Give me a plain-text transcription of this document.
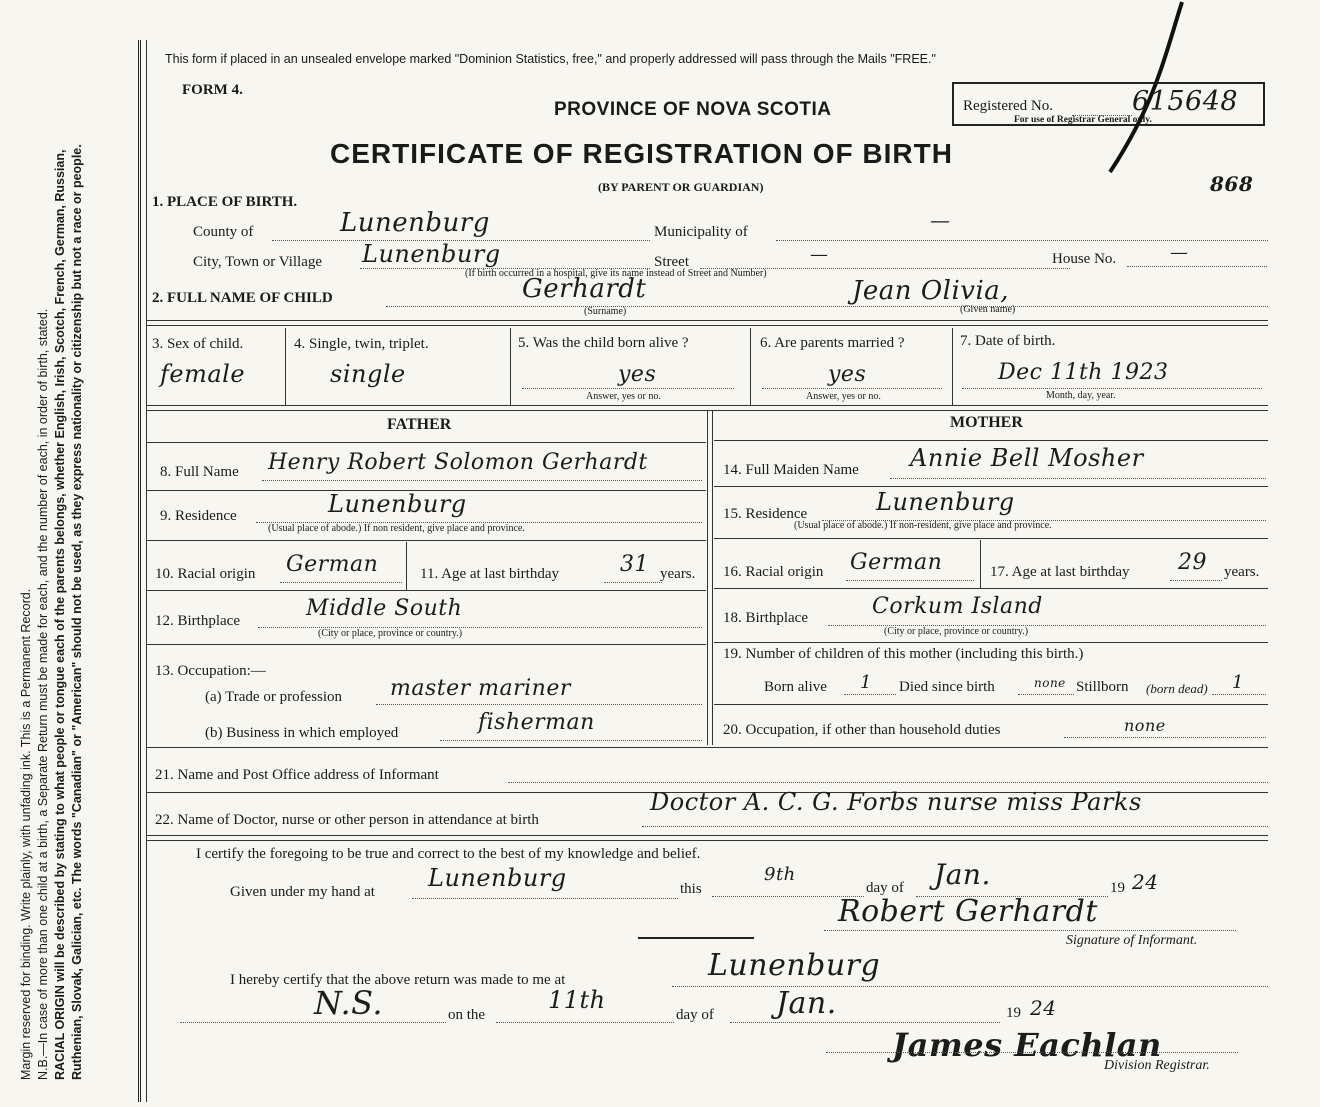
Margin reserved for binding. Write plainly, with unfading ink. This is a Permanent Record. N.B.—In case of more than one child at a birth, a Separate Return must be made for each, and the number of each, in order of birth, stated. RACIAL ORIGIN will be described by stating to what people or tongue each of the parents belongs, whether English, Irish, Scotch, French, German, Russian, Ruthenian, Slovak, Galician, etc. The words "Canadian" or "American" should not be used, as they express nationality or citizenship but not a race or people.
This form if placed in an unsealed envelope marked "Dominion Statistics, free," and properly addressed will pass through the Mails "FREE."
FORM 4.
PROVINCE OF NOVA SCOTIA
CERTIFICATE OF REGISTRATION OF BIRTH
(BY PARENT OR GUARDIAN)
Registered No.	615648
For use of Registrar General only.
868
1. PLACE OF BIRTH.
County of	Lunenburg	Municipality of	—
City, Town or Village Lunenburg	Street	—	House No.	—
(If birth occurred in a hospital, give its name instead of Street and Number)
2. FULL NAME OF CHILD	Gerhardt	Jean Olivia,
(Surname)	(Given name)
3. Sex of child.
female
4. Single, twin, triplet.
single
5. Was the child born alive ?
yes
Answer, yes or no.
6. Are parents married ?
yes
Answer, yes or no.
7. Date of birth.
Dec 11th 1923
Month, day, year.
FATHER	MOTHER
8. Full Name Henry Robert Solomon Gerhardt
9. Residence	Lunenburg
(Usual place of abode.) If non resident, give place and province.
10. Racial origin German	11. Age at last birthday	31 years.
12. Birthplace	Middle South
(City or place, province or country.)
13. Occupation:—
(a) Trade or profession master mariner
(b) Business in which employed	fisherman
14. Full Maiden Name Annie Bell Mosher
15. Residence	Lunenburg
(Usual place of abode.) If non-resident, give place and province.
16. Racial origin German	17. Age at last birthday 29 years.
18. Birthplace	Corkum Island
(City or place, province or country.)
19. Number of children of this mother (including this birth.)
Born alive 1 Died since birth	none Stillborn (born dead) 1
20. Occupation, if other than household duties	none
21. Name and Post Office address of Informant
22. Name of Doctor, nurse or other person in attendance at birth
Doctor A. C. G. Forbs nurse miss Parks
I certify the foregoing to be true and correct to the best of my knowledge and belief.
Given under my hand at Lunenburg	this
9th
day of Jan.	19 24
Robert Gerhardt
Signature of Informant.
I hereby certify that the above return was made to me at	Lunenburg
N.S.	on the
11th
day of Jan.	19 24
James Eachlan
Division Registrar.
